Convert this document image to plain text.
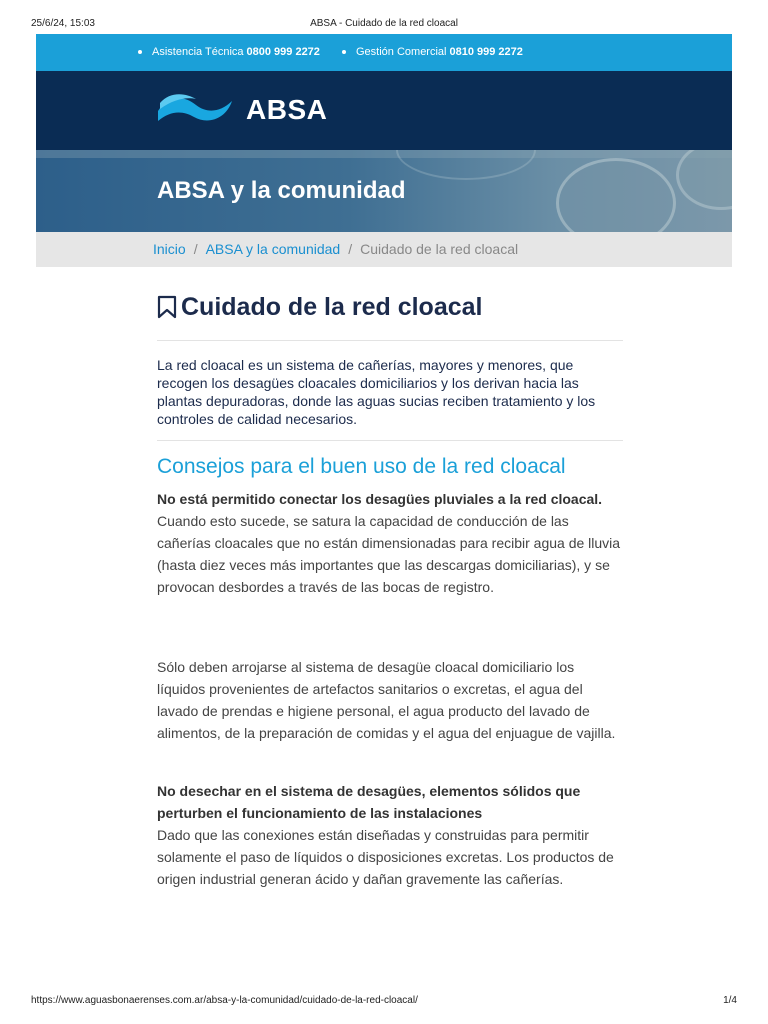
25/6/24, 15:03	ABSA - Cuidado de la red cloacal
Asistencia Técnica 0800 999 2272	Gestión Comercial 0810 999 2272
ABSA
ABSA y la comunidad
Inicio / ABSA y la comunidad / Cuidado de la red cloacal
Cuidado de la red cloacal

La red cloacal es un sistema de cañerías, mayores y menores, que recogen los desagües cloacales domiciliarios y los derivan hacia las plantas depuradoras, donde las aguas sucias reciben tratamiento y los controles de calidad necesarios.

Consejos para el buen uso de la red cloacal
No está permitido conectar los desagües pluviales a la red cloacal.
Cuando esto sucede, se satura la capacidad de conducción de las cañerías cloacales que no están dimensionadas para recibir agua de lluvia (hasta diez veces más importantes que las descargas domiciliarias), y se provocan desbordes a través de las bocas de registro.
Sólo deben arrojarse al sistema de desagüe cloacal domiciliario los líquidos provenientes de artefactos sanitarios o excretas, el agua del lavado de prendas e higiene personal, el agua producto del lavado de alimentos, de la preparación de comidas y el agua del enjuague de vajilla.
No desechar en el sistema de desagües, elementos sólidos que perturben el funcionamiento de las instalaciones
Dado que las conexiones están diseñadas y construidas para permitir solamente el paso de líquidos o disposiciones excretas. Los productos de origen industrial generan ácido y dañan gravemente las cañerías.
https://www.aguasbonaerenses.com.ar/absa-y-la-comunidad/cuidado-de-la-red-cloacal/	1/4
